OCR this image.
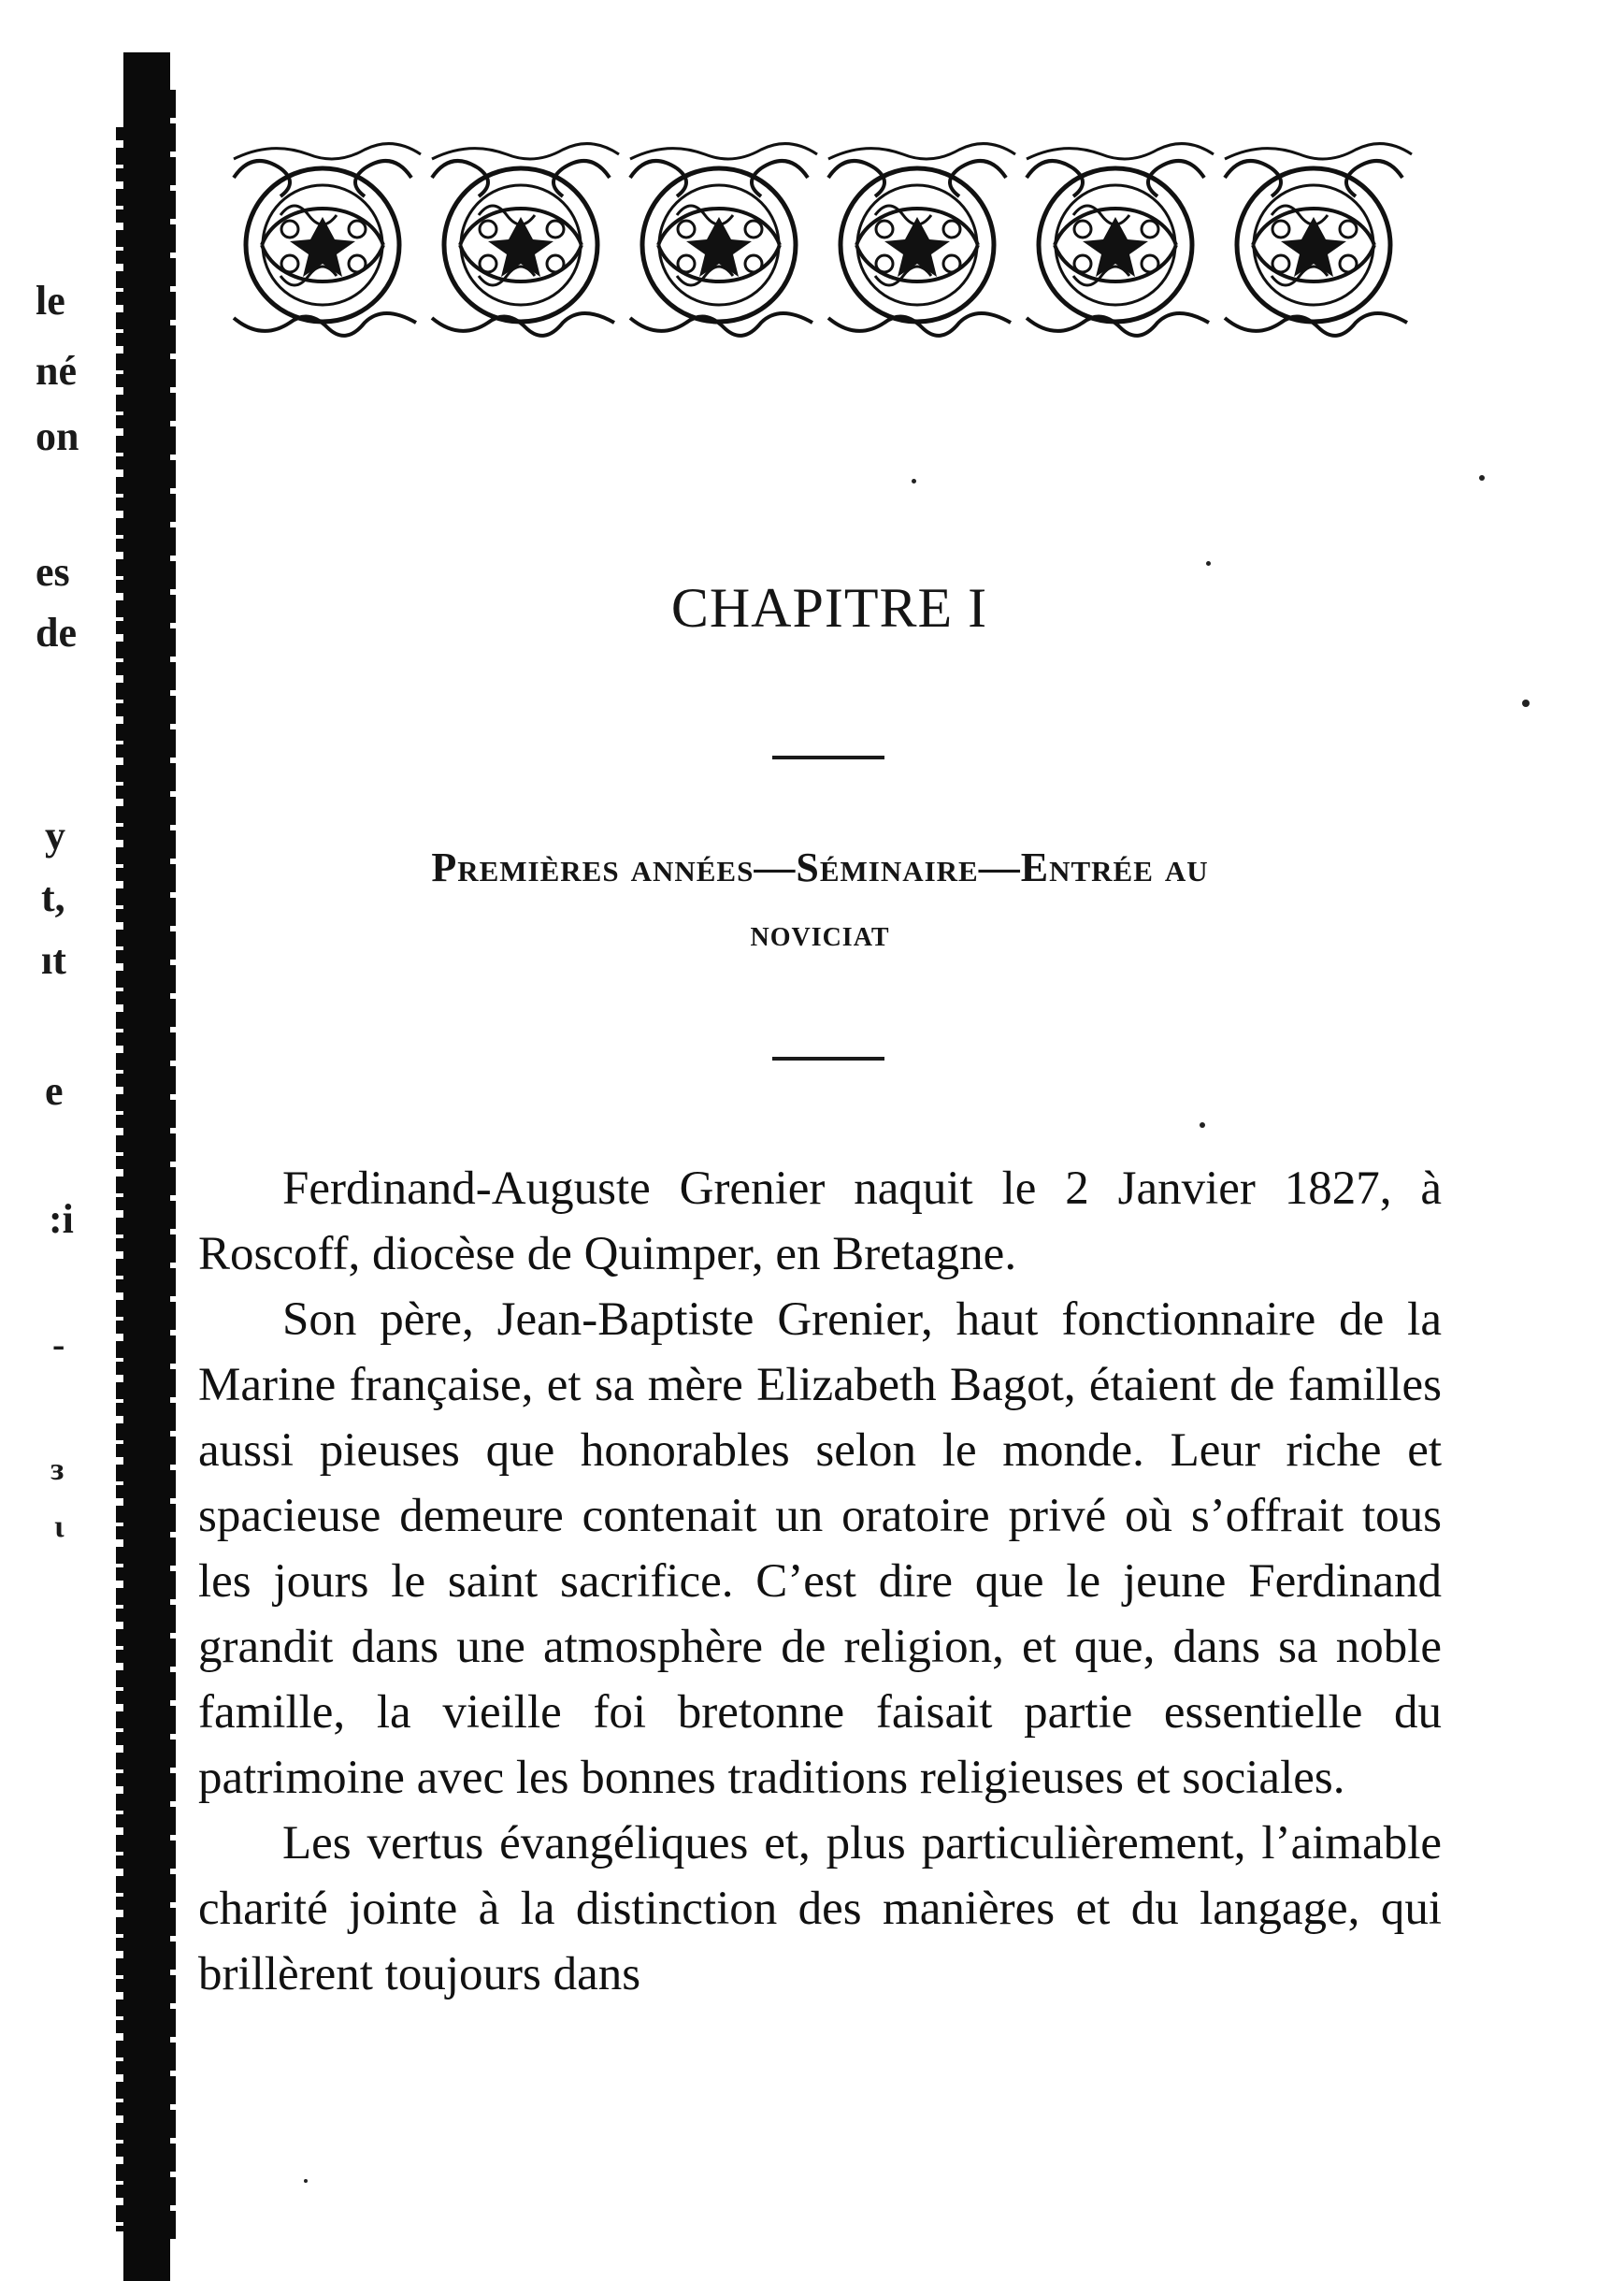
le
né
on
es
de
y
t,
ıt
e
:i
-
ɜ
ι
CHAPITRE I
Premières années—Séminaire—Entrée au
noviciat

Ferdinand-Auguste Grenier naquit le 2 Janvier 1827, à Roscoff, diocèse de Quimper, en Bretagne.

Son père, Jean-Baptiste Grenier, haut fonctionnaire de la Marine française, et sa mère Elizabeth Bagot, étaient de familles aussi pieuses que honorables selon le monde. Leur riche et spacieuse demeure contenait un oratoire privé où s’offrait tous les jours le saint sacrifice. C’est dire que le jeune Ferdinand grandit dans une atmosphère de religion, et que, dans sa noble famille, la vieille foi bretonne faisait partie essentielle du patrimoine avec les bonnes traditions religieuses et sociales.

Les vertus évangéliques et, plus particulièrement, l’aimable charité jointe à la distinction des manières et du langage, qui brillèrent toujours dans
